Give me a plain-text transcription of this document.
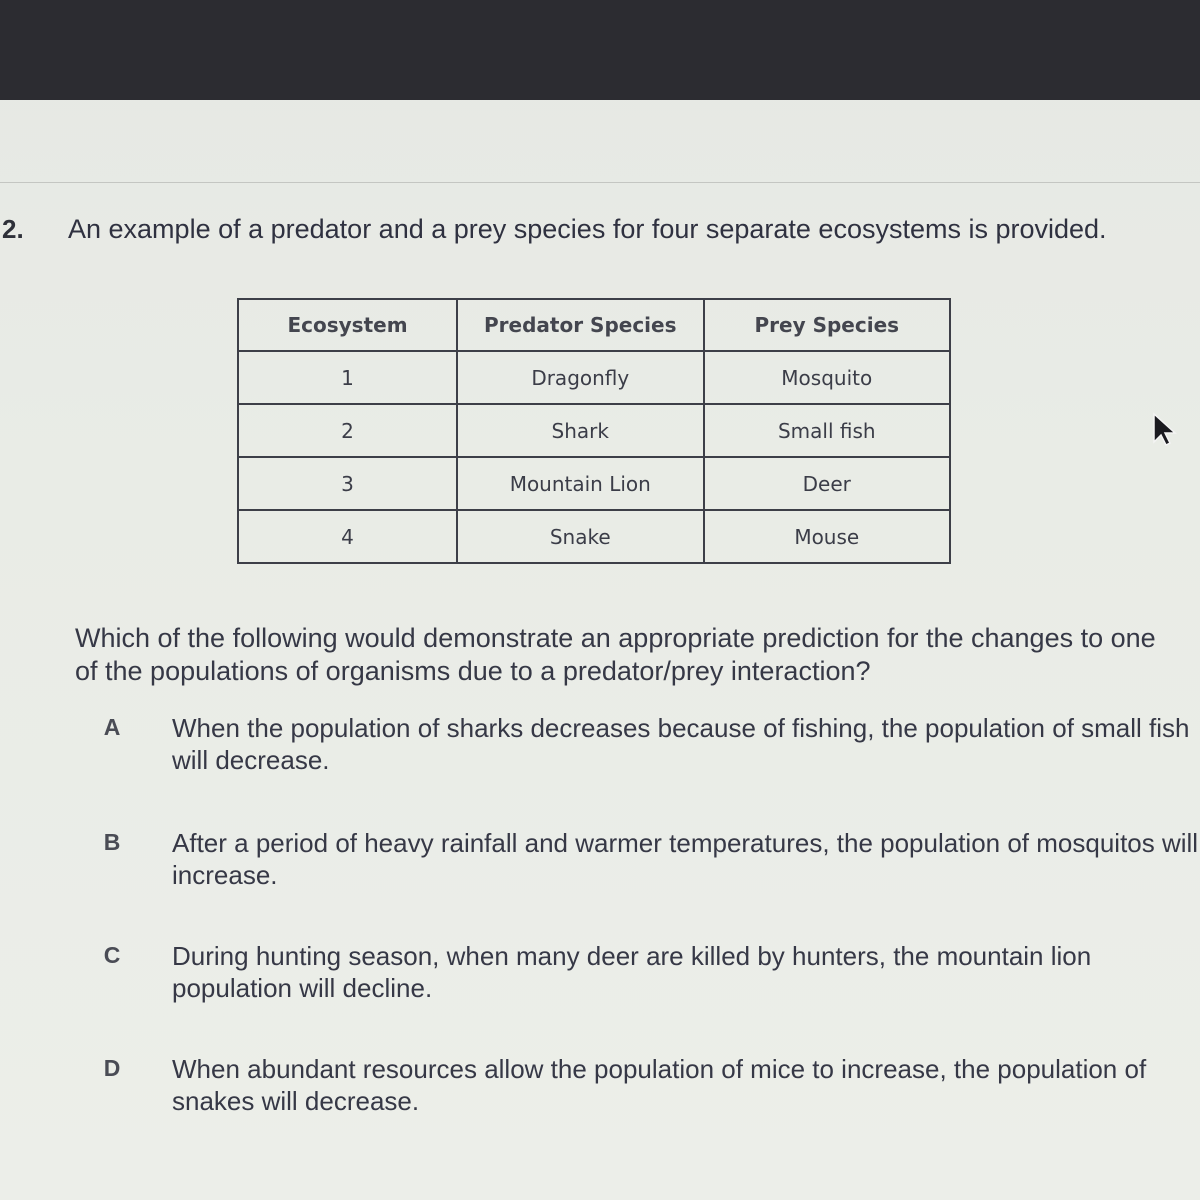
2. An example of a predator and a prey species for four separate ecosystems is provided.
Ecosystem	Predator Species	Prey Species
1	Dragonfly	Mosquito
2	Shark	Small fish
3	Mountain Lion	Deer
4	Snake	Mouse
Which of the following would demonstrate an appropriate prediction for the changes to one of the populations of organisms due to a predator/prey interaction?
A When the population of sharks decreases because of fishing, the population of small fish will decrease.
B After a period of heavy rainfall and warmer temperatures, the population of mosquitos will increase.
C During hunting season, when many deer are killed by hunters, the mountain lion population will decline.
D When abundant resources allow the population of mice to increase, the population of snakes will decrease.
